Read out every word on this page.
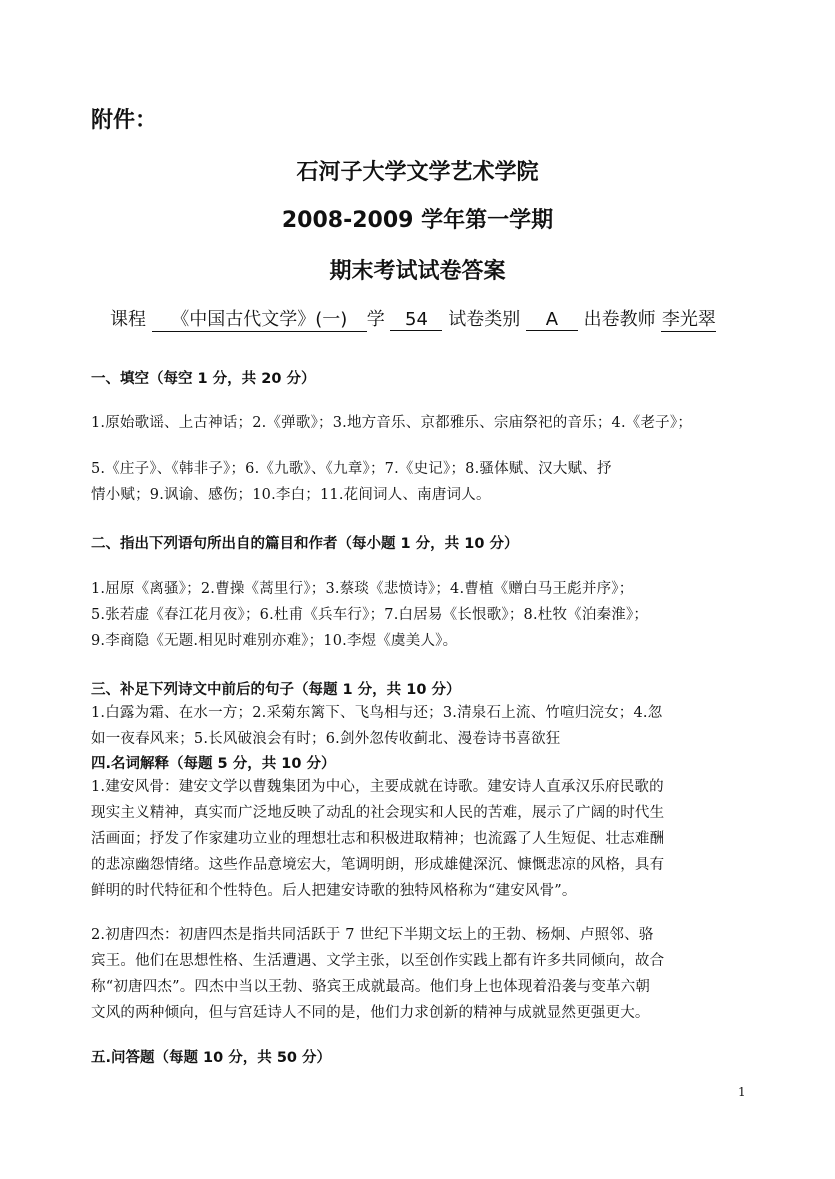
附件：
石河子大学文学艺术学院
2008-2009 学年第一学期
期末考试试卷答案
课程 《中国古代文学》(一) 学 54 试卷类别 A 出卷教师 李光翠
一、填空（每空 1 分，共 20 分）
1.原始歌谣、上古神话；2.《弹歌》；3.地方音乐、京都雅乐、宗庙祭祀的音乐；4.《老子》；
5.《庄子》、《韩非子》；6.《九歌》、《九章》；7.《史记》；8.骚体赋、汉大赋、抒
情小赋；9.讽谕、感伤；10.李白；11.花间词人、南唐词人。
二、指出下列语句所出自的篇目和作者（每小题 1 分，共 10 分）
1.屈原《离骚》；2.曹操《蒿里行》；3.蔡琰《悲愤诗》；4.曹植《赠白马王彪并序》；
5.张若虚《春江花月夜》；6.杜甫《兵车行》；7.白居易《长恨歌》；8.杜牧《泊秦淮》；
9.李商隐《无题.相见时难别亦难》；10.李煜《虞美人》。
三、补足下列诗文中前后的句子（每题 1 分，共 10 分）
1.白露为霜、在水一方；2.采菊东篱下、飞鸟相与还；3.清泉石上流、竹喧归浣女；4.忽
如一夜春风来；5.长风破浪会有时；6.剑外忽传收蓟北、漫卷诗书喜欲狂
四.名词解释（每题 5 分，共 10 分）
1.建安风骨：建安文学以曹魏集团为中心，主要成就在诗歌。建安诗人直承汉乐府民歌的
现实主义精神，真实而广泛地反映了动乱的社会现实和人民的苦难，展示了广阔的时代生
活画面；抒发了作家建功立业的理想壮志和积极进取精神；也流露了人生短促、壮志难酬
的悲凉幽怨情绪。这些作品意境宏大，笔调明朗，形成雄健深沉、慷慨悲凉的风格，具有
鲜明的时代特征和个性特色。后人把建安诗歌的独特风格称为“建安风骨”。
2.初唐四杰：初唐四杰是指共同活跃于 7 世纪下半期文坛上的王勃、杨炯、卢照邻、骆
宾王。他们在思想性格、生活遭遇、文学主张，以至创作实践上都有许多共同倾向，故合
称“初唐四杰”。四杰中当以王勃、骆宾王成就最高。他们身上也体现着沿袭与变革六朝
文风的两种倾向，但与宫廷诗人不同的是，他们力求创新的精神与成就显然更强更大。
五.问答题（每题 10 分，共 50 分）
1
